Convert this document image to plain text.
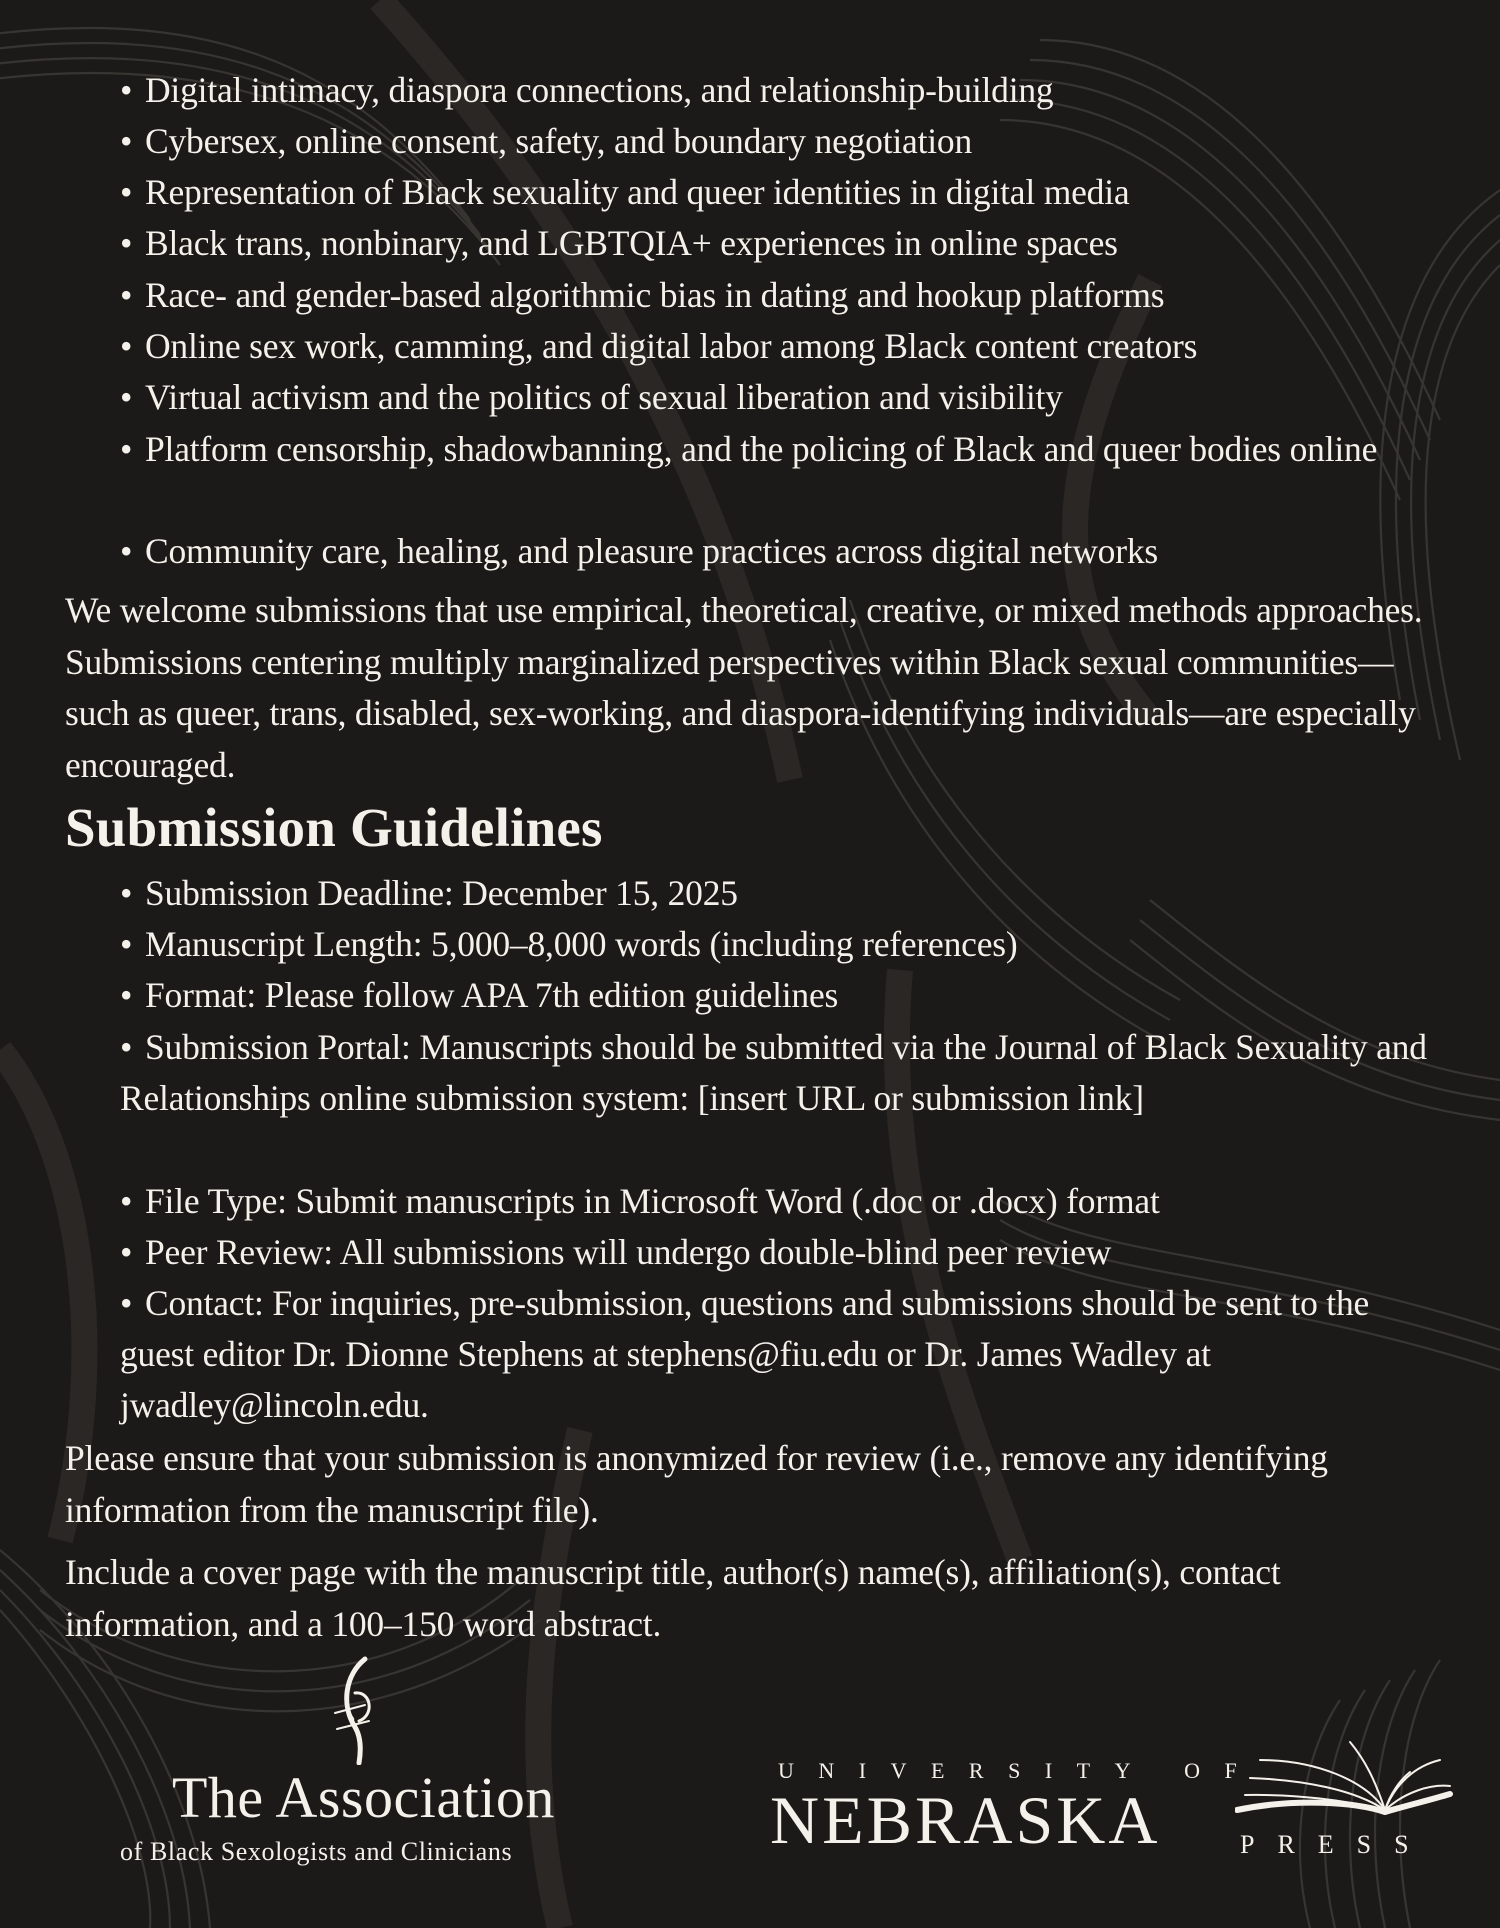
• Digital intimacy, diaspora connections, and relationship-building
• Cybersex, online consent, safety, and boundary negotiation
• Representation of Black sexuality and queer identities in digital media
• Black trans, nonbinary, and LGBTQIA+ experiences in online spaces
• Race- and gender-based algorithmic bias in dating and hookup platforms
• Online sex work, camming, and digital labor among Black content creators
• Virtual activism and the politics of sexual liberation and visibility
• Platform censorship, shadowbanning, and the policing of Black and queer bodies online
• Community care, healing, and pleasure practices across digital networks

We welcome submissions that use empirical, theoretical, creative, or mixed methods approaches. Submissions centering multiply marginalized perspectives within Black sexual communities—such as queer, trans, disabled, sex-working, and diaspora-identifying individuals—are especially encouraged.

Submission Guidelines
• Submission Deadline: December 15, 2025
• Manuscript Length: 5,000–8,000 words (including references)
• Format: Please follow APA 7th edition guidelines
• Submission Portal: Manuscripts should be submitted via the Journal of Black Sexuality and Relationships online submission system: [insert URL or submission link]
• File Type: Submit manuscripts in Microsoft Word (.doc or .docx) format
• Peer Review: All submissions will undergo double-blind peer review
• Contact: For inquiries, pre-submission, questions and submissions should be sent to the guest editor Dr. Dionne Stephens at stephens@fiu.edu or Dr. James Wadley at jwadley@lincoln.edu.

Please ensure that your submission is anonymized for review (i.e., remove any identifying information from the manuscript file).

Include a cover page with the manuscript title, author(s) name(s), affiliation(s), contact information, and a 100–150 word abstract.

The Association
of Black Sexologists and Clinicians
UNIVERSITY OF
NEBRASKA	PRESS
